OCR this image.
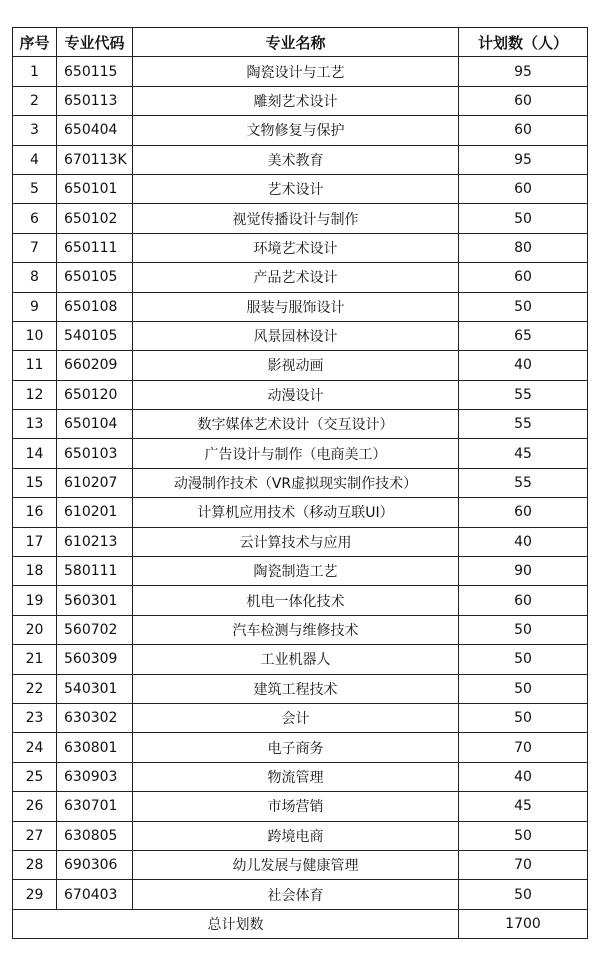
序号	专业代码	专业名称	计划数（人）
1	650115	陶瓷设计与工艺	95
2	650113	雕刻艺术设计	60
3	650404	文物修复与保护	60
4	670113K	美术教育	95
5	650101	艺术设计	60
6	650102	视觉传播设计与制作	50
7	650111	环境艺术设计	80
8	650105	产品艺术设计	60
9	650108	服装与服饰设计	50
10	540105	风景园林设计	65
11	660209	影视动画	40
12	650120	动漫设计	55
13	650104	数字媒体艺术设计（交互设计）	55
14	650103	广告设计与制作（电商美工）	45
15	610207	动漫制作技术（VR虚拟现实制作技术）	55
16	610201	计算机应用技术（移动互联UI）	60
17	610213	云计算技术与应用	40
18	580111	陶瓷制造工艺	90
19	560301	机电一体化技术	60
20	560702	汽车检测与维修技术	50
21	560309	工业机器人	50
22	540301	建筑工程技术	50
23	630302	会计	50
24	630801	电子商务	70
25	630903	物流管理	40
26	630701	市场营销	45
27	630805	跨境电商	50
28	690306	幼儿发展与健康管理	70
29	670403	社会体育	50
总计划数			1700
